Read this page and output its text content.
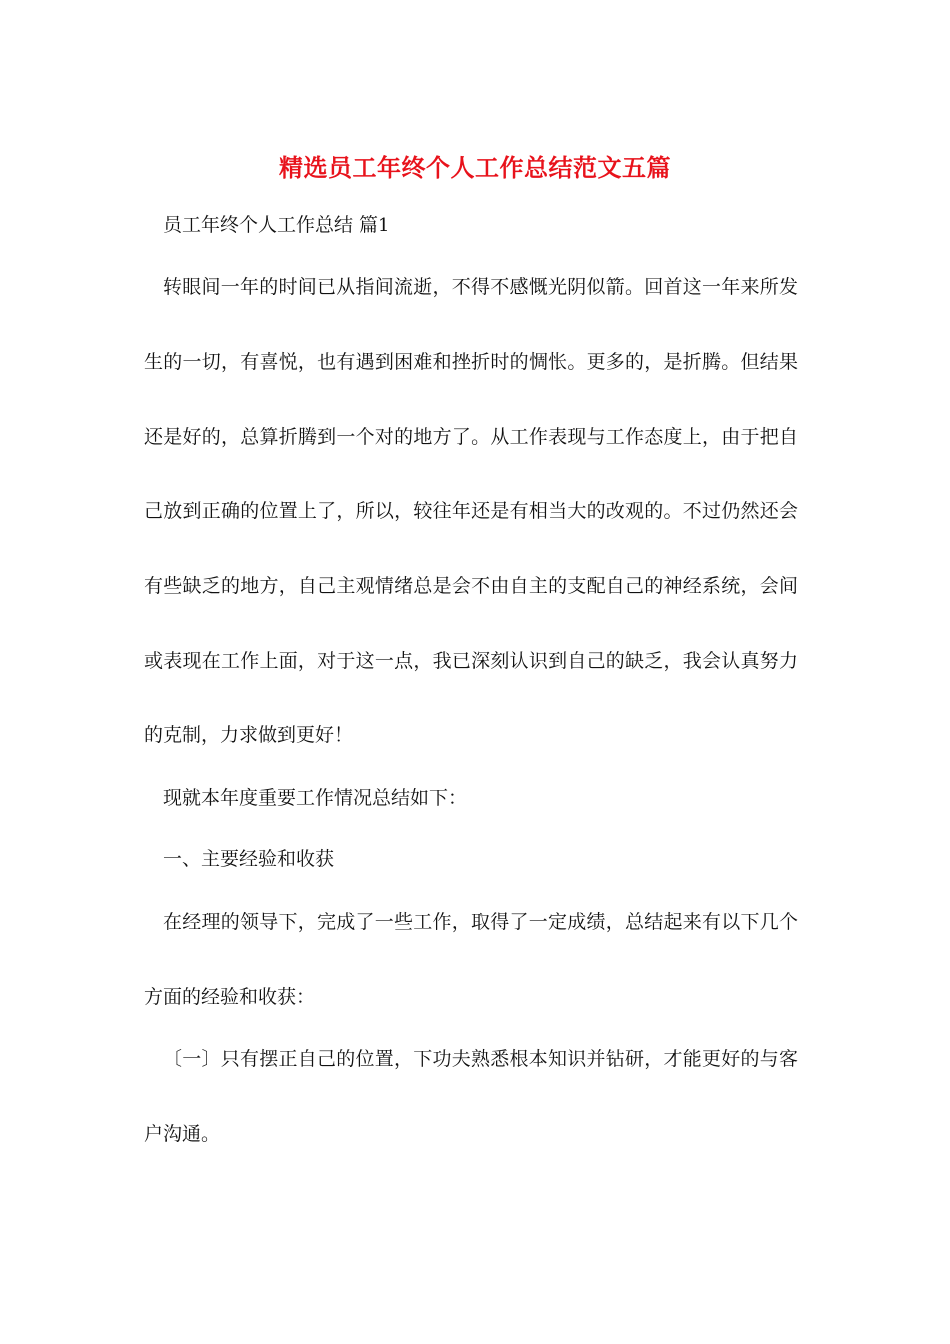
精选员工年终个人工作总结范文五篇
员工年终个人工作总结 篇1
转眼间一年的时间已从指间流逝，不得不感慨光阴似箭。回首这一年来所发
生的一切，有喜悦，也有遇到困难和挫折时的惆怅。更多的，是折腾。但结果
还是好的，总算折腾到一个对的地方了。从工作表现与工作态度上，由于把自
己放到正确的位置上了，所以，较往年还是有相当大的改观的。不过仍然还会
有些缺乏的地方，自己主观情绪总是会不由自主的支配自己的神经系统，会间
或表现在工作上面，对于这一点，我已深刻认识到自己的缺乏，我会认真努力
的克制，力求做到更好！
现就本年度重要工作情况总结如下：
一、主要经验和收获
在经理的领导下，完成了一些工作，取得了一定成绩，总结起来有以下几个
方面的经验和收获：
〔一〕只有摆正自己的位置，下功夫熟悉根本知识并钻研，才能更好的与客
户沟通。
